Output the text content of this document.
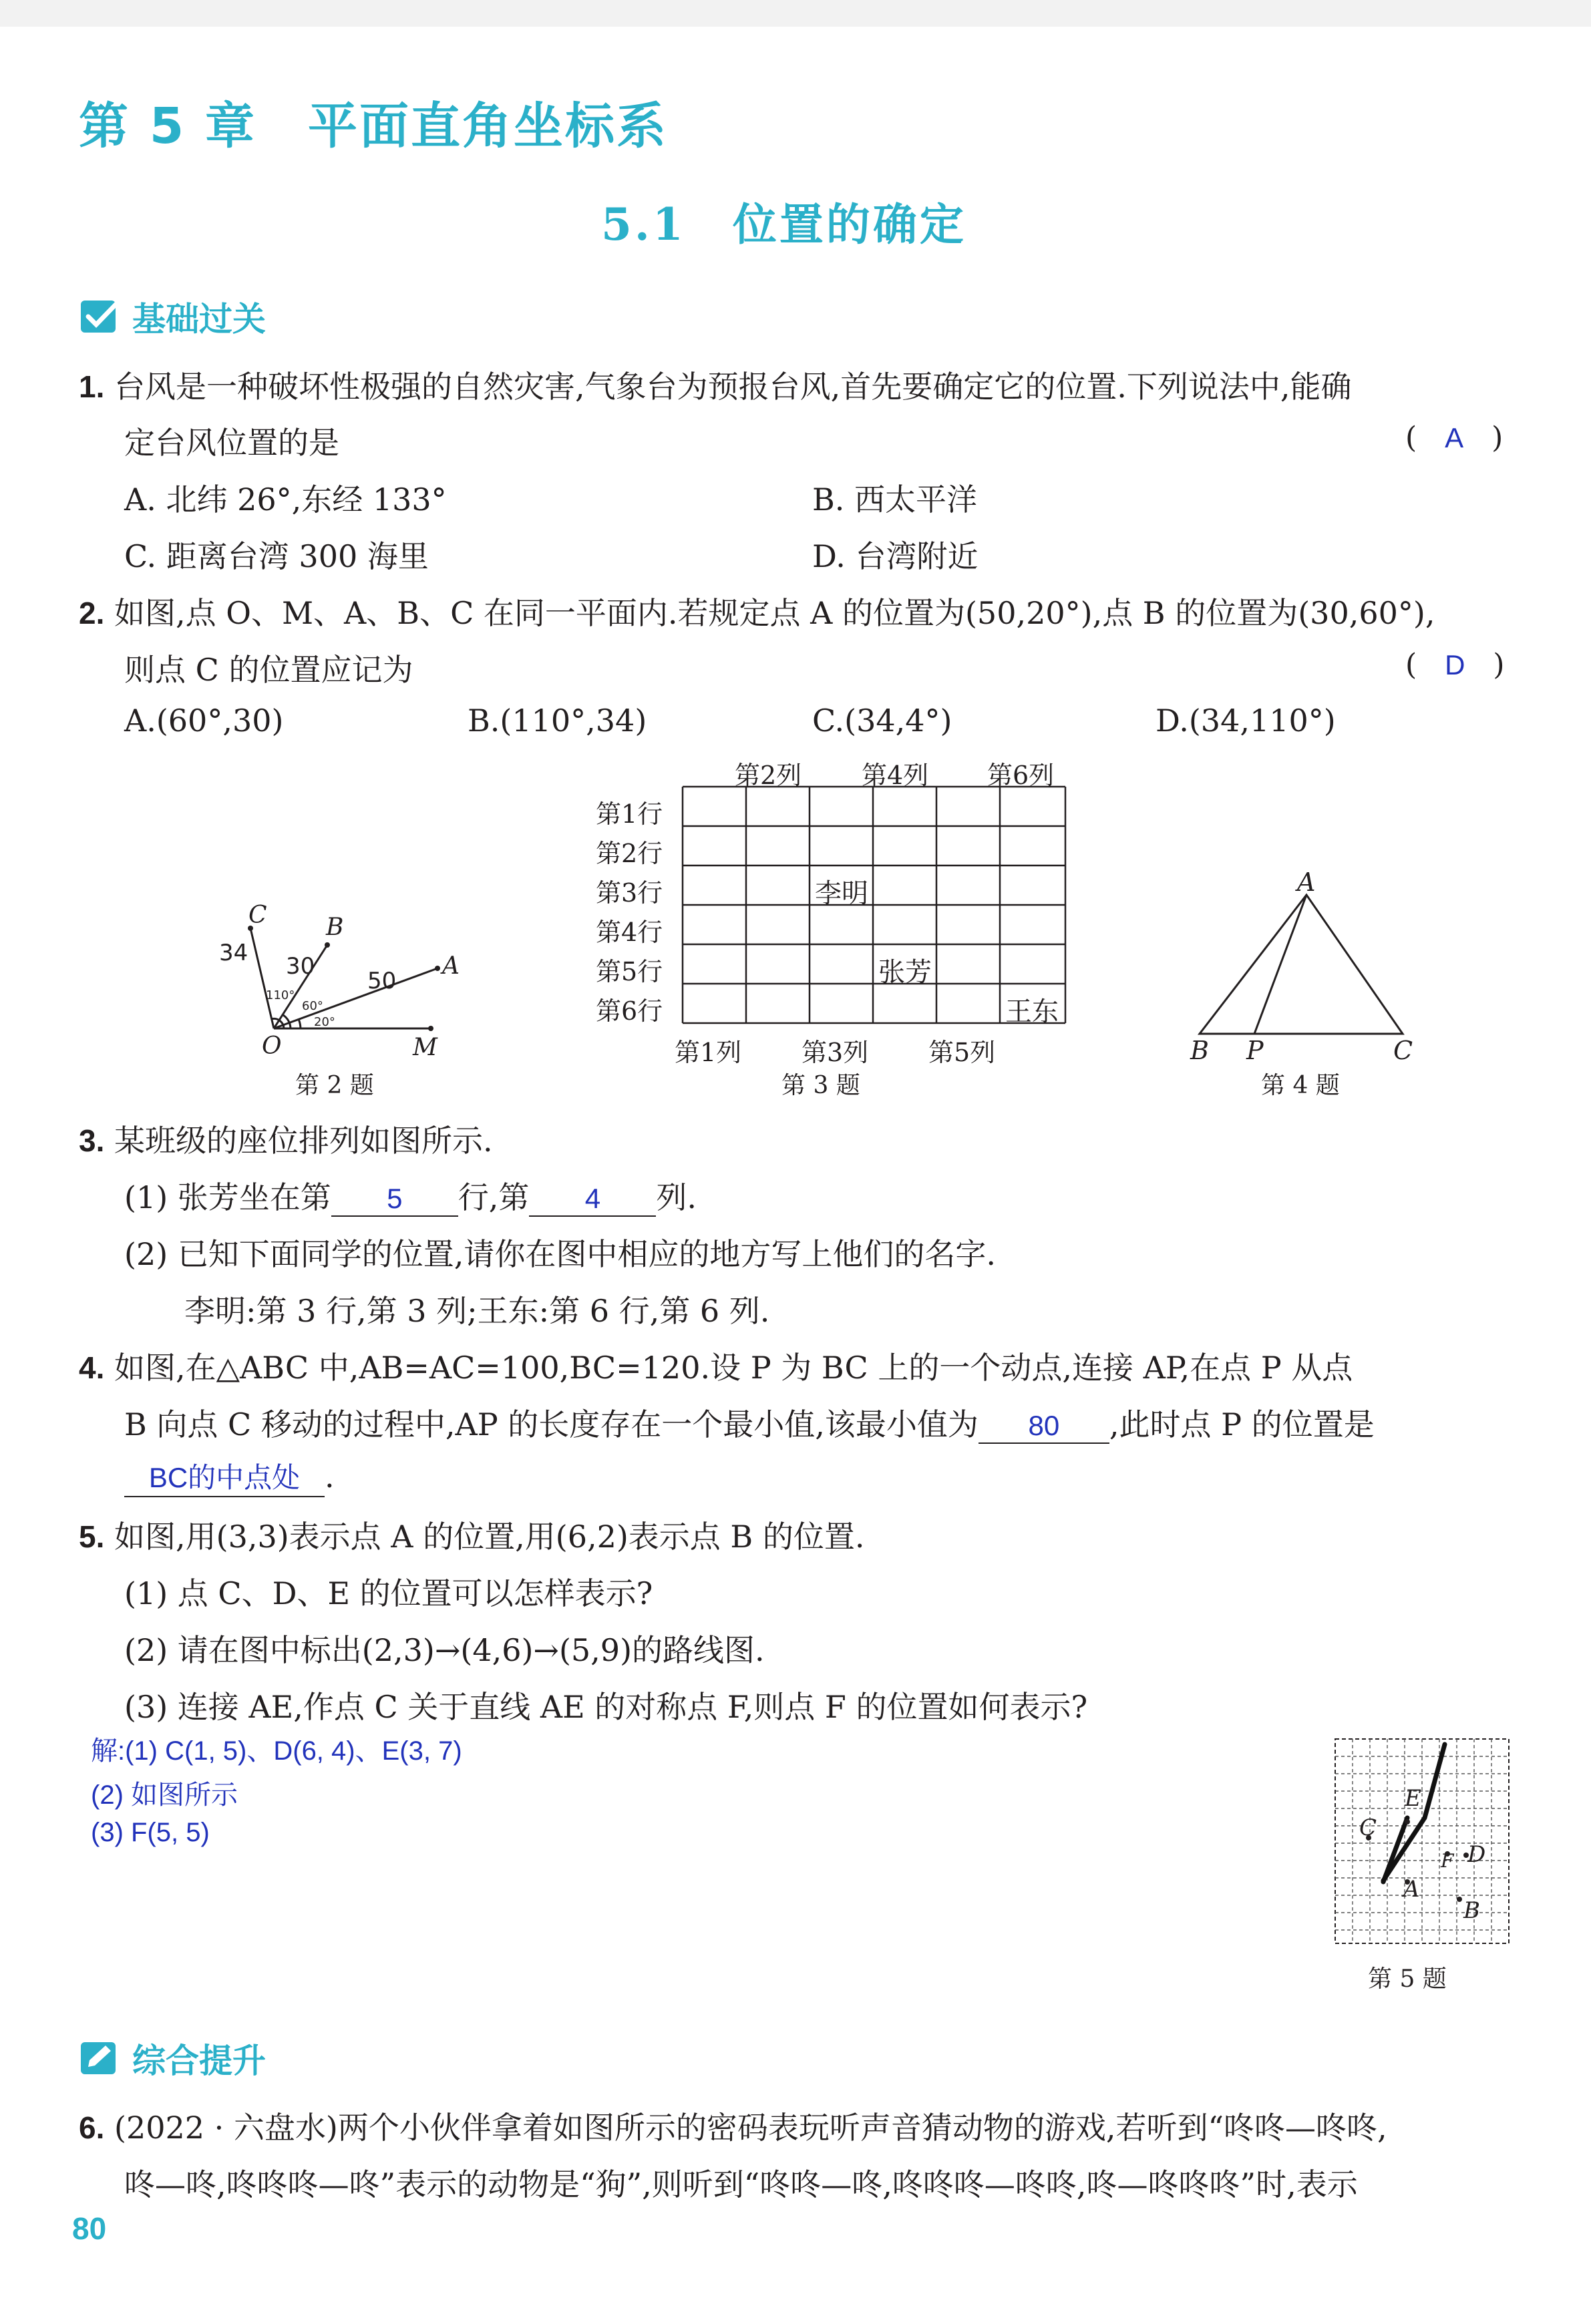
第 5 章　平面直角坐标系
5.1　位置的确定
基础过关
1. 台风是一种破坏性极强的自然灾害,气象台为预报台风,首先要确定它的位置.下列说法中,能确
定台风位置的是	(   A   )
A. 北纬 26°,东经 133°	B. 西太平洋
C. 距离台湾 300 海里	D. 台湾附近
2. 如图,点 O、M、A、B、C 在同一平面内.若规定点 A 的位置为(50,20°),点 B 的位置为(30,60°),
则点 C 的位置应记为	(   D   )
A.(60°,30)	B.(110°,34)	C.(34,4°)	D.(34,110°)
C B
A
O	M
34 30
50
110°
60°
20°
第 2 题
第2列 第4列 第6列
第1行
第2行
第3行
第4行
第5行
第6行
李明
张芳
王东
第1列 第3列 第5列
第 3 题
A
B P	C
第 4 题
3. 某班级的座位排列如图所示.
(1) 张芳坐在第 5 行,第 4 列.
(2) 已知下面同学的位置,请你在图中相应的地方写上他们的名字.
李明:第 3 行,第 3 列;王东:第 6 行,第 6 列.
4. 如图,在△ABC 中,AB=AC=100,BC=120.设 P 为 BC 上的一个动点,连接 AP,在点 P 从点
B 向点 C 移动的过程中,AP 的长度存在一个最小值,该最小值为 80 ,此时点 P 的位置是
BC的中点处 .
5. 如图,用(3,3)表示点 A 的位置,用(6,2)表示点 B 的位置.
(1) 点 C、D、E 的位置可以怎样表示?
(2) 请在图中标出(2,3)→(4,6)→(5,9)的路线图.
(3) 连接 AE,作点 C 关于直线 AE 的对称点 F,则点 F 的位置如何表示?
解:(1) C(1, 5)、D(6, 4)、E(3, 7)
(2) 如图所示
(3) F(5, 5)
E
C
D
F
A
B
第 5 题
综合提升
6. (2022 · 六盘水)两个小伙伴拿着如图所示的密码表玩听声音猜动物的游戏,若听到“咚咚—咚咚,
咚—咚,咚咚咚—咚”表示的动物是“狗”,则听到“咚咚—咚,咚咚咚—咚咚,咚—咚咚咚”时,表示
80
